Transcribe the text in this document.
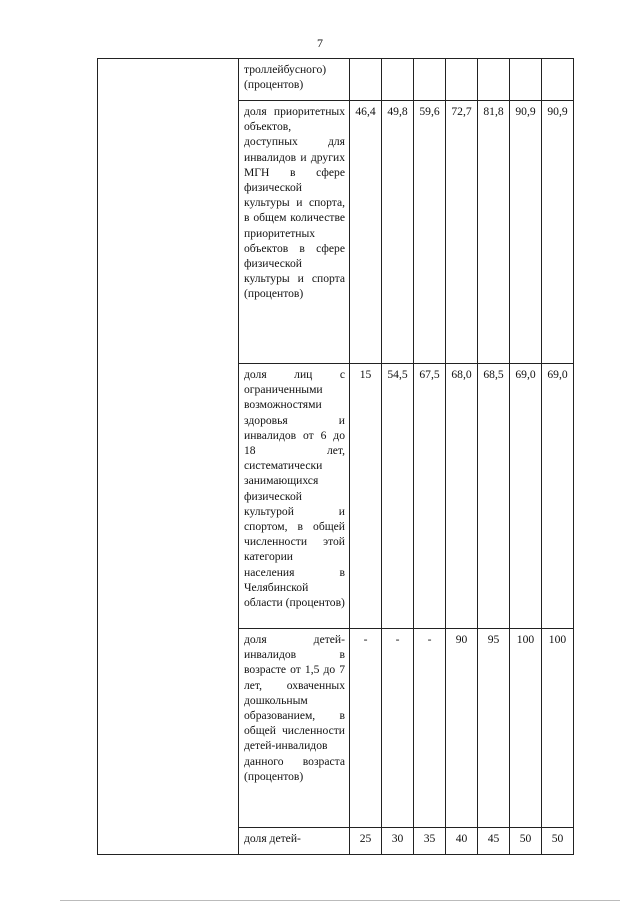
7
	троллейбусного) (процентов)							
	доля приоритетных объектов, доступных для инвалидов и других МГН в сфере физической культуры и спорта, в общем количестве приоритетных объектов в сфере физической культуры и спорта (процентов)	46,4	49,8	59,6	72,7	81,8	90,9	90,9
	доля лиц с ограниченными возможностями здоровья и инвалидов от 6 до 18 лет, систематически занимающихся физической культурой и спортом, в общей численности этой категории населения в Челябинской области (процентов)	15	54,5	67,5	68,0	68,5	69,0	69,0
	доля детей-инвалидов в возрасте от 1,5 до 7 лет, охваченных дошкольным образованием, в общей численности детей-инвалидов данного возраста (процентов)	-	-	-	90	95	100	100
	доля детей-	25	30	35	40	45	50	50
